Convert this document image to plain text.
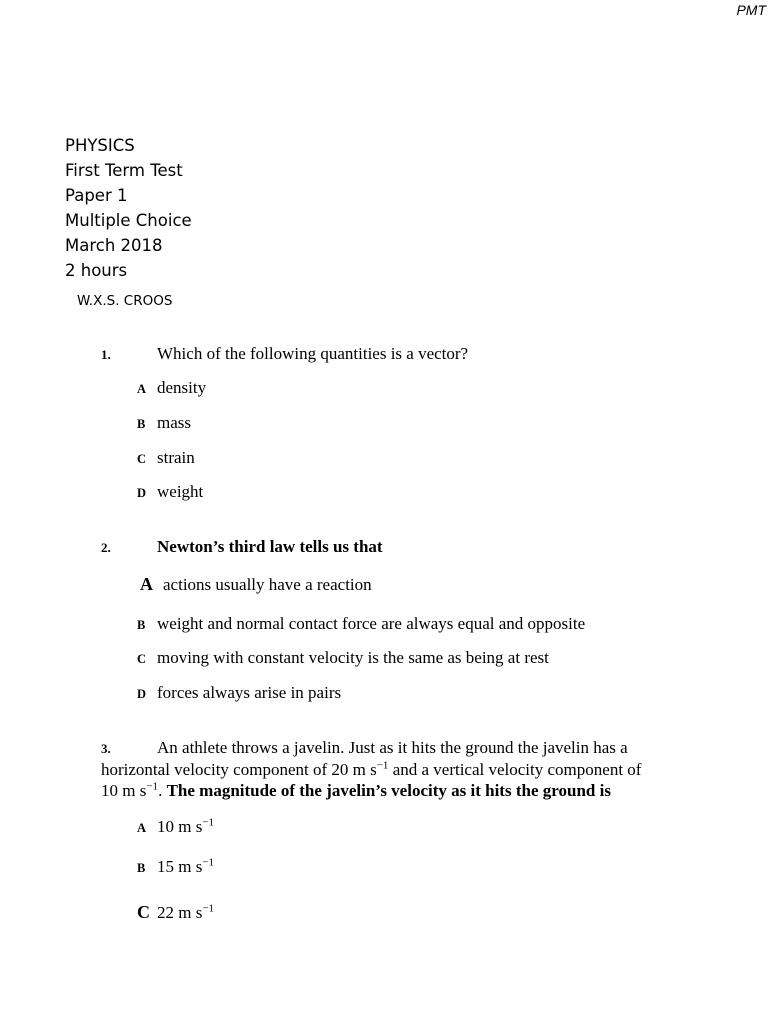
PMT
PHYSICS
First Term Test
Paper 1
Multiple Choice
March 2018
2 hours
W.X.S. CROOS
1.	Which of the following quantities is a vector?
A density
B mass
C strain
D weight
2.	Newton’s third law tells us that
A actions usually have a reaction
B weight and normal contact force are always equal and opposite
C moving with constant velocity is the same as being at rest
D forces always arise in pairs
3.	An athlete throws a javelin. Just as it hits the ground the javelin has a
horizontal velocity component of 20 m $s^{-1}$ and a vertical velocity component of
10 m $s^{-1}$. The magnitude of the javelin’s velocity as it hits the ground is
A 10 m $s^{-1}$
B 15 m $s^{-1}$
C 22 m $s^{-1}$
